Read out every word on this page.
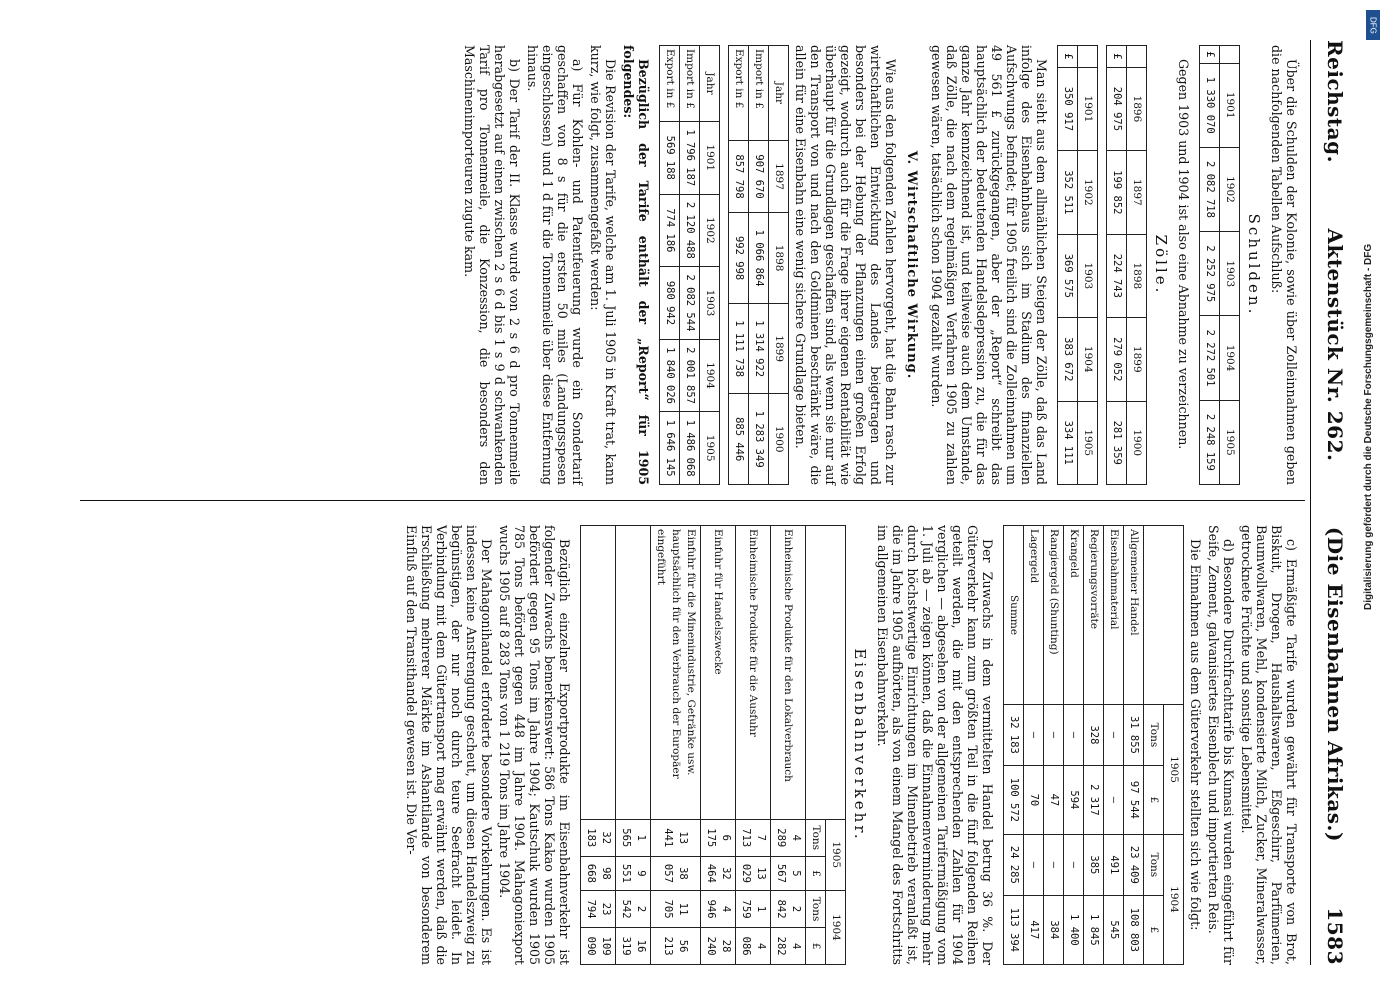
Reichstag.
Aktenstück Nr. 262.
(Die Eisenbahnen Afrikas.)
1583

Über die Schulden der Kolonie, sowie über Zolleinnahmen geben die nachfolgenden Tabellen Aufschluß:

Schulden.
	1901	1902	1903	1904	1905
£	1 330 070	2 082 718	2 252 975	2 272 501	2 248 159

Gegen 1903 und 1904 ist also eine Abnahme zu verzeichnen.

Zölle.
	1896	1897	1898	1899	1900
£	204 975	199 852	224 743	279 052	281 359
	1901	1902	1903	1904	1905
£	350 917	352 511	369 575	383 672	334 111

Man sieht aus dem allmählichen Steigen der Zölle, daß das Land infolge des Eisenbahnbaus sich im Stadium des finanziellen Aufschwungs befindet; für 1905 freilich sind die Zolleinnahmen um 49 561 £ zurückgegangen, aber der „Report“ schreibt das hauptsächlich der bedeutenden Handelsdepression zu, die für das ganze Jahr kennzeichnend ist, und teilweise auch dem Umstande, daß Zölle, die nach dem regelmäßigen Verfahren 1905 zu zahlen gewesen wären, tatsächlich schon 1904 gezahlt wurden.

V. Wirtschaftliche Wirkung.

Wie aus den folgenden Zahlen hervorgeht, hat die Bahn rasch zur wirtschaftlichen Entwicklung des Landes beigetragen und besonders bei der Hebung der Pflanzungen einen großen Erfolg gezeigt, wodurch auch für die Frage ihrer eigenen Rentabilität wie überhaupt für die Grundlagen geschaffen sind, als wenn sie nur auf den Transport von und nach den Goldminen beschränkt wäre, die allein für eine Eisenbahn eine wenig sichere Grundlage bieten.

Jahr	1897	1898	1899	1900
Import in £	907 670	1 066 864	1 314 922	1 283 349
Export in £	857 798	992 998	1 111 738	885 446
Jahr	1901	1902	1903	1904	1905
Import in £	1 796 187	2 120 488	2 082 544	2 001 857	1 486 068
Export in £	569 188	774 186	980 942	1 840 026	1 646 145

Bezüglich der Tarife enthält der „Report“ für 1905 folgendes:

Die Revision der Tarife, welche am 1. Juli 1905 in Kraft trat, kann kurz, wie folgt, zusammengefaßt werden:

a) Für Kohlen- und Patentfeuerung wurde ein Sondertarif geschaffen von 8 s für die ersten 50 miles (Landungsspesen eingeschlossen) und 1 d für die Tonnenmeile über diese Entfernung hinaus.

b) Der Tarif der II. Klasse wurde von 2 s 6 d pro Tonnenmeile herabgesetzt auf einen zwischen 2 s 6 d bis 1 s 9 d schwankenden Tarif pro Tonnenmeile, die Konzession, die besonders den Maschinenimporteuren zugute kam.

c) Ermäßigte Tarife wurden gewährt für Transporte von Brot, Biskuit, Drogen, Haushaltswaren, Eßgeschirr, Parfümerien, Baumwollwaren, Mehl, kondensierte Milch, Zucker, Mineralwasser, getrocknete Früchte und sonstige Lebensmittel.

d) Besondere Durchfrachttarife bis Kumasi wurden eingeführt für Seife, Zement, galvanisiertes Eisenblech und importierten Reis.

Die Einnahmen aus dem Güterverkehr stellten sich wie folgt:

	1905		1904	
	Tons	£	Tons	£
Allgemeiner Handel	31 855	97 544	23 409	108 803
Eisenbahnmaterial	—	—	491	545
Regierungsvorräte	328	2 317	385	1 845
Krangeld	—	594	—	1 400
Rangiergeld (Shunting)	—	47	—	384
Lagergeld	—	70	—	417
Summe	32 183	100 572	24 285	113 394

Der Zuwachs in dem vermittelten Handel betrug 36 %. Der Güterverkehr kann zum größten Teil in die fünf folgenden Reihen geteilt werden, die mit den entsprechenden Zahlen für 1904 verglichen — abgesehen von der allgemeinen Tarifermäßigung vom 1. Juli ab — zeigen können, daß die Einnahmenverminderung mehr durch höchstwertige Einrichtungen im Minenbetrieb veranlaßt ist, die im Jahre 1905 aufhörten, als von einem Mangel des Fortschritts im allgemeinen Eisenbahnverkehr.

Eisenbahnverkehr.
	1905		1904	
	Tons	£	Tons	£
Einheimische Produkte für den Lokalverbrauch	4 289	5 567	2 842	4 282
Einheimische Produkte für die Ausfuhr	7 713	13 029	1 759	4 086
Einfuhr für Handelszwecke	6 175	32 464	4 946	28 240
Einfuhr für die Minenindustrie, Getränke usw. hauptsächlich für den Verbrauch der Europäer eingeführt	13 441	38 057	11 705	56 213
	1 565	9 551	2 542	16 319
	32 183	98 668	23 794	109 090

Bezüglich einzelner Exportprodukte im Eisenbahnverkehr ist folgender Zuwachs bemerkenswert: 586 Tons Kakao wurden 1905 befördert gegen 95 Tons im Jahre 1904; Kautschuk wurden 1905 785 Tons befördert gegen 448 im Jahre 1904. Mahagoniexport wuchs 1905 auf 8 283 Tons von 1 219 Tons im Jahre 1904.

Der Mahagonihandel erforderte besondere Vorkehrungen. Es ist indessen keine Anstrengung gescheut, um diesen Handelszweig zu begünstigen, der nur noch durch teure Seefracht leidet. In Verbindung mit dem Gütertransport mag erwähnt werden, daß die Erschließung mehrerer Märkte im Ashantilande von besonderem Einfluß auf den Transithandel gewesen ist. Die Ver-

DFG
Digitalisierung gefördert durch die Deutsche Forschungsgemeinschaft - DFG
